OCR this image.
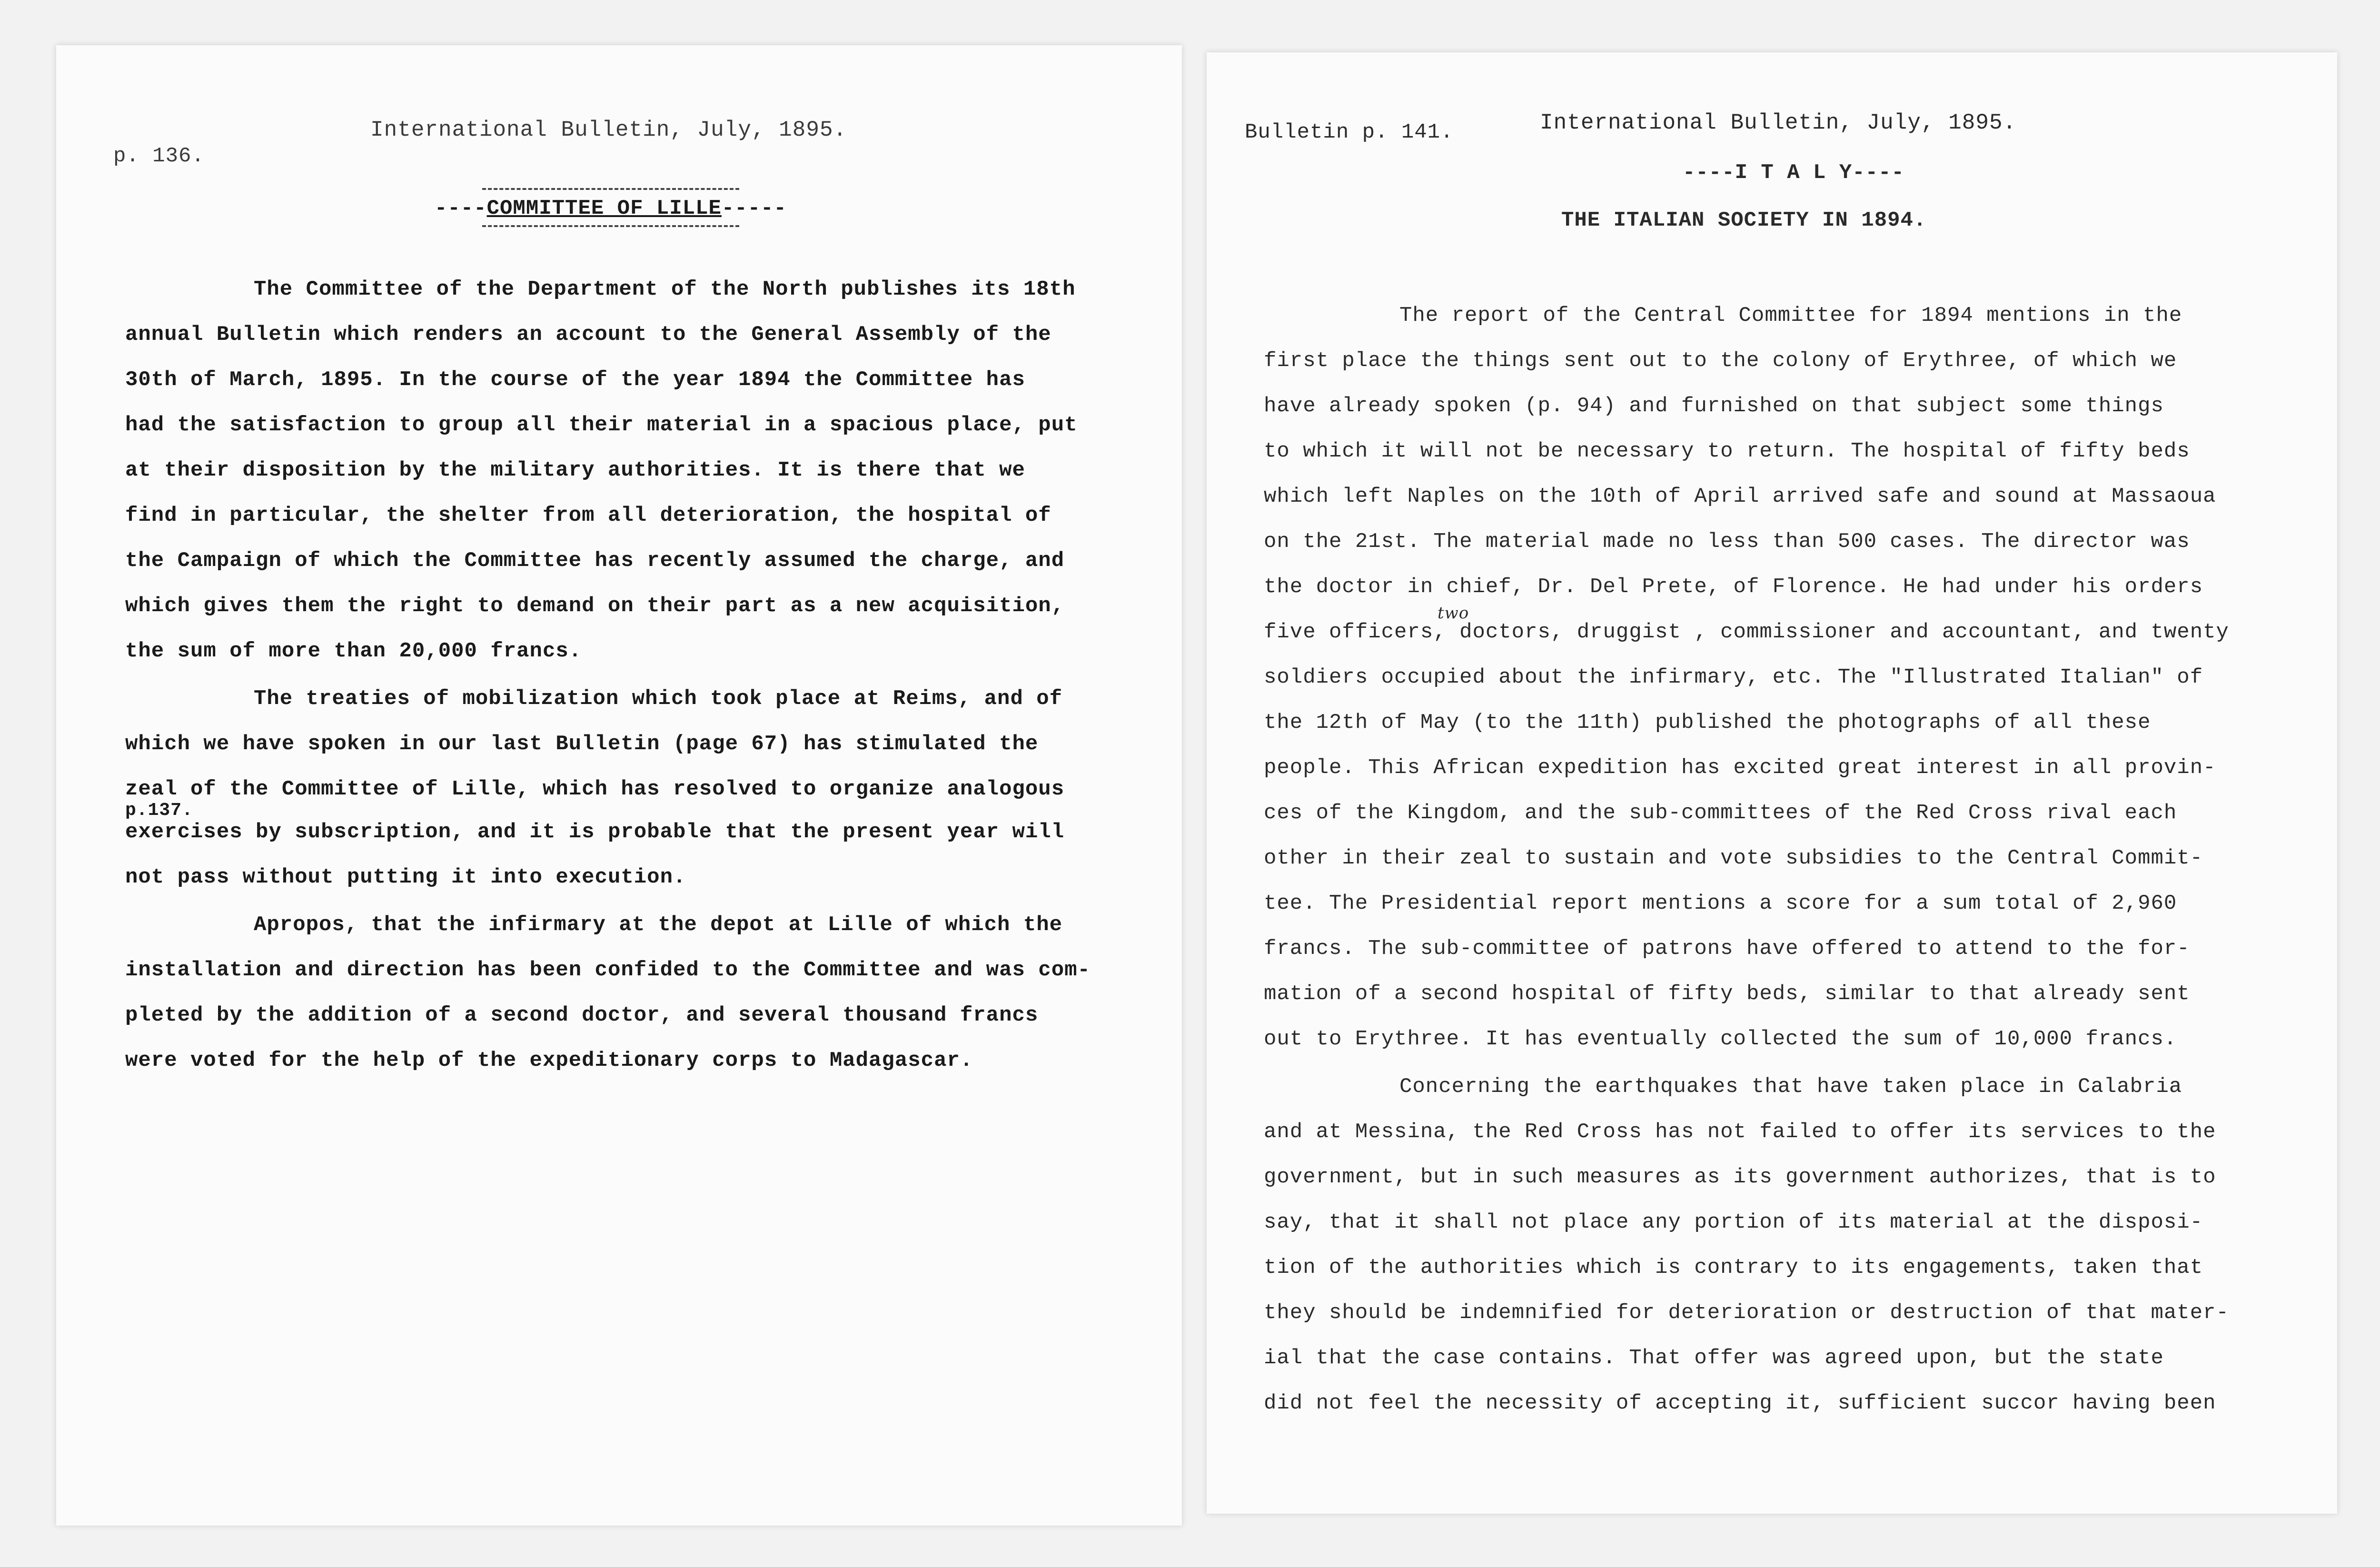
International Bulletin, July, 1895.
p. 136.
----COMMITTEE OF LILLE-----
The Committee of the Department of the North publishes its 18th
annual Bulletin which renders an account to the General Assembly of the
30th of March, 1895. In the course of the year 1894 the Committee has
had the satisfaction to group all their material in a spacious place, put
at their disposition by the military authorities. It is there that we
find in particular, the shelter from all deterioration, the hospital of
the Campaign of which the Committee has recently assumed the charge, and
which gives them the right to demand on their part as a new acquisition,
the sum of more than 20,000 francs.
The treaties of mobilization which took place at Reims, and of
which we have spoken in our last Bulletin (page 67) has stimulated the
zeal of the Committee of Lille, which has resolved to organize analogous
p.137.
exercises by subscription, and it is probable that the present year will
not pass without putting it into execution.
Apropos, that the infirmary at the depot at Lille of which the
installation and direction has been confided to the Committee and was com-
pleted by the addition of a second doctor, and several thousand francs
were voted for the help of the expeditionary corps to Madagascar.
Bulletin p. 141.	International Bulletin, July, 1895.
----I T A L Y----
THE ITALIAN SOCIETY IN 1894.
The report of the Central Committee for 1894 mentions in the
first place the things sent out to the colony of Erythree, of which we
have already spoken (p. 94) and furnished on that subject some things
to which it will not be necessary to return. The hospital of fifty beds
which left Naples on the 10th of April arrived safe and sound at Massaoua
on the 21st. The material made no less than 500 cases. The director was
the doctor in chief, Dr. Del Prete, of Florence. He had under his orders
two
five officers, doctors, druggist , commissioner and accountant, and twenty
soldiers occupied about the infirmary, etc. The "Illustrated Italian" of
the 12th of May (to the 11th) published the photographs of all these
people. This African expedition has excited great interest in all provin-
ces of the Kingdom, and the sub-committees of the Red Cross rival each
other in their zeal to sustain and vote subsidies to the Central Commit-
tee. The Presidential report mentions a score for a sum total of 2,960
francs. The sub-committee of patrons have offered to attend to the for-
mation of a second hospital of fifty beds, similar to that already sent
out to Erythree. It has eventually collected the sum of 10,000 francs.
Concerning the earthquakes that have taken place in Calabria
and at Messina, the Red Cross has not failed to offer its services to the
government, but in such measures as its government authorizes, that is to
say, that it shall not place any portion of its material at the disposi-
tion of the authorities which is contrary to its engagements, taken that
they should be indemnified for deterioration or destruction of that mater-
ial that the case contains. That offer was agreed upon, but the state
did not feel the necessity of accepting it, sufficient succor having been
